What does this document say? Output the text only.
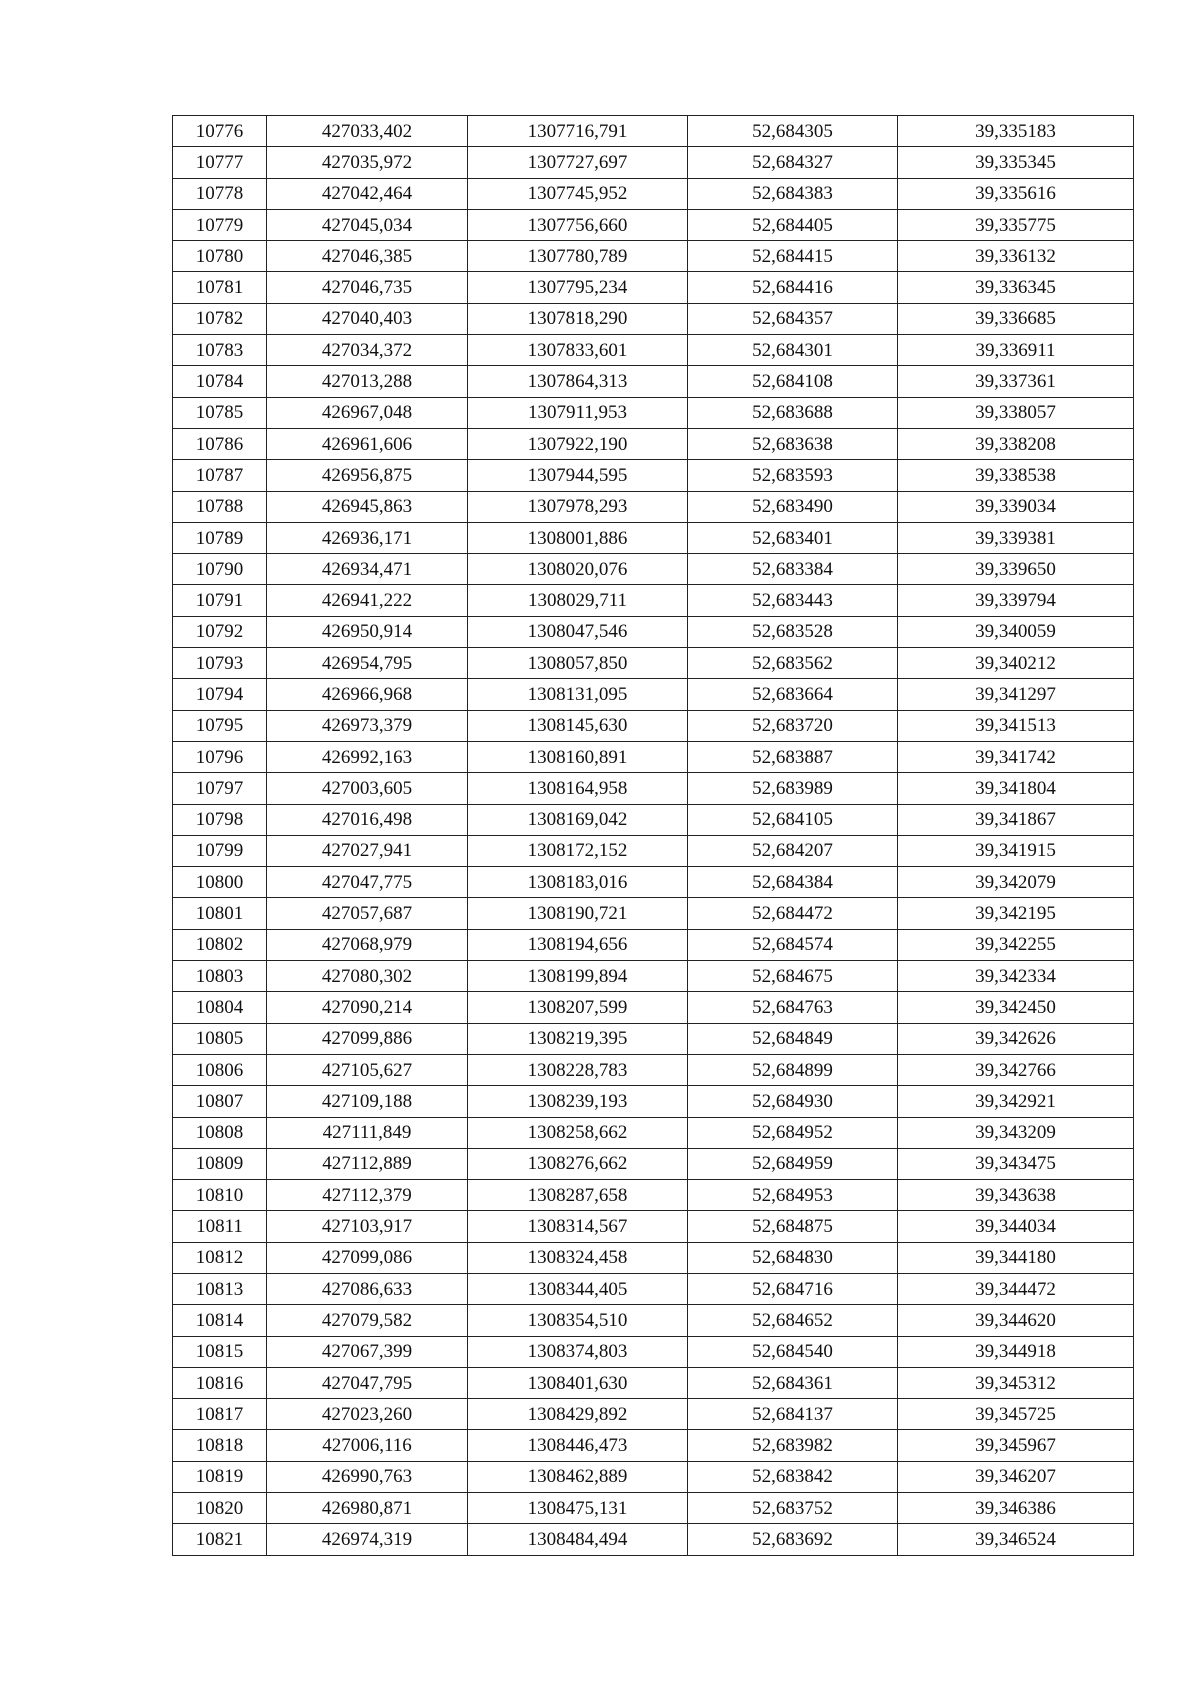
10776	427033,402	1307716,791	52,684305	39,335183
10777	427035,972	1307727,697	52,684327	39,335345
10778	427042,464	1307745,952	52,684383	39,335616
10779	427045,034	1307756,660	52,684405	39,335775
10780	427046,385	1307780,789	52,684415	39,336132
10781	427046,735	1307795,234	52,684416	39,336345
10782	427040,403	1307818,290	52,684357	39,336685
10783	427034,372	1307833,601	52,684301	39,336911
10784	427013,288	1307864,313	52,684108	39,337361
10785	426967,048	1307911,953	52,683688	39,338057
10786	426961,606	1307922,190	52,683638	39,338208
10787	426956,875	1307944,595	52,683593	39,338538
10788	426945,863	1307978,293	52,683490	39,339034
10789	426936,171	1308001,886	52,683401	39,339381
10790	426934,471	1308020,076	52,683384	39,339650
10791	426941,222	1308029,711	52,683443	39,339794
10792	426950,914	1308047,546	52,683528	39,340059
10793	426954,795	1308057,850	52,683562	39,340212
10794	426966,968	1308131,095	52,683664	39,341297
10795	426973,379	1308145,630	52,683720	39,341513
10796	426992,163	1308160,891	52,683887	39,341742
10797	427003,605	1308164,958	52,683989	39,341804
10798	427016,498	1308169,042	52,684105	39,341867
10799	427027,941	1308172,152	52,684207	39,341915
10800	427047,775	1308183,016	52,684384	39,342079
10801	427057,687	1308190,721	52,684472	39,342195
10802	427068,979	1308194,656	52,684574	39,342255
10803	427080,302	1308199,894	52,684675	39,342334
10804	427090,214	1308207,599	52,684763	39,342450
10805	427099,886	1308219,395	52,684849	39,342626
10806	427105,627	1308228,783	52,684899	39,342766
10807	427109,188	1308239,193	52,684930	39,342921
10808	427111,849	1308258,662	52,684952	39,343209
10809	427112,889	1308276,662	52,684959	39,343475
10810	427112,379	1308287,658	52,684953	39,343638
10811	427103,917	1308314,567	52,684875	39,344034
10812	427099,086	1308324,458	52,684830	39,344180
10813	427086,633	1308344,405	52,684716	39,344472
10814	427079,582	1308354,510	52,684652	39,344620
10815	427067,399	1308374,803	52,684540	39,344918
10816	427047,795	1308401,630	52,684361	39,345312
10817	427023,260	1308429,892	52,684137	39,345725
10818	427006,116	1308446,473	52,683982	39,345967
10819	426990,763	1308462,889	52,683842	39,346207
10820	426980,871	1308475,131	52,683752	39,346386
10821	426974,319	1308484,494	52,683692	39,346524
